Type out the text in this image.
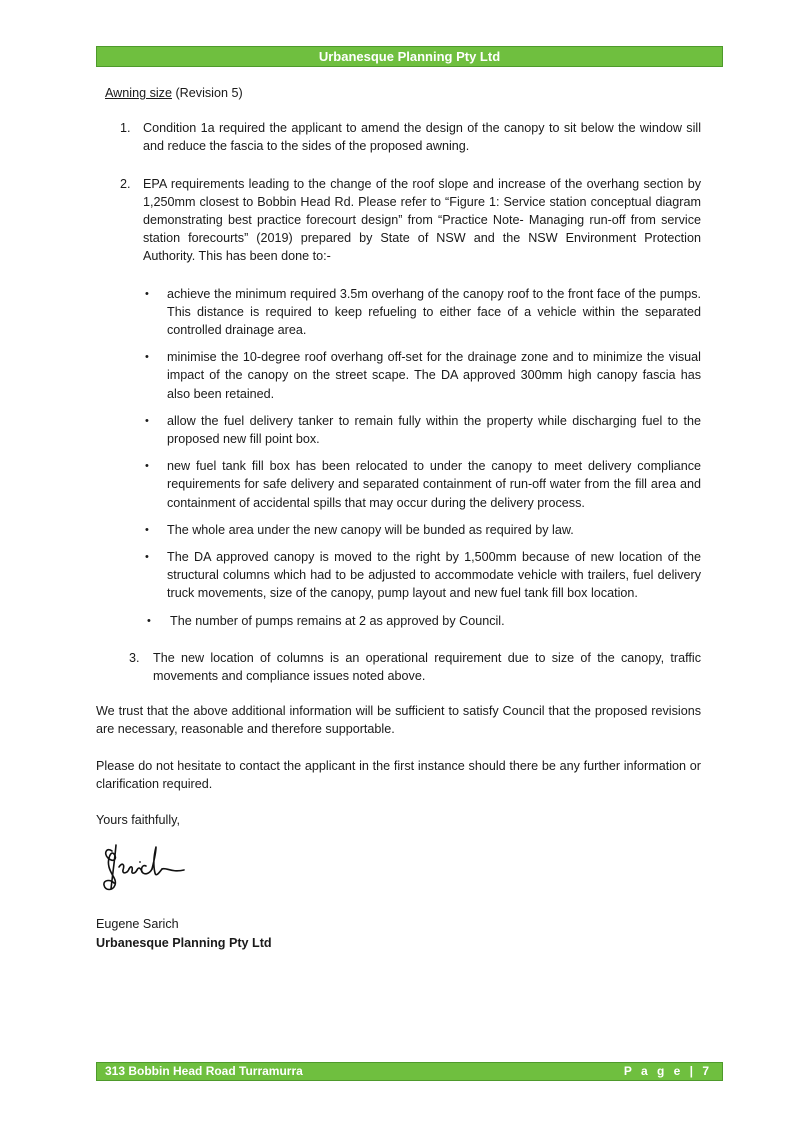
Urbanesque Planning Pty Ltd

Awning size (Revision 5)

1. Condition 1a required the applicant to amend the design of the canopy to sit below the window sill and reduce the fascia to the sides of the proposed awning.
2. EPA requirements leading to the change of the roof slope and increase of the overhang section by 1,250mm closest to Bobbin Head Rd. Please refer to “Figure 1: Service station conceptual diagram demonstrating best practice forecourt design” from “Practice Note- Managing run-off from service station forecourts” (2019) prepared by State of NSW and the NSW Environment Protection Authority. This has been done to:-
• achieve the minimum required 3.5m overhang of the canopy roof to the front face of the pumps. This distance is required to keep refueling to either face of a vehicle within the separated controlled drainage area.
• minimise the 10-degree roof overhang off-set for the drainage zone and to minimize the visual impact of the canopy on the street scape. The DA approved 300mm high canopy fascia has also been retained.
• allow the fuel delivery tanker to remain fully within the property while discharging fuel to the proposed new fill point box.
• new fuel tank fill box has been relocated to under the canopy to meet delivery compliance requirements for safe delivery and separated containment of run-off water from the fill area and containment of accidental spills that may occur during the delivery process.
• The whole area under the new canopy will be bunded as required by law.
• The DA approved canopy is moved to the right by 1,500mm because of new location of the structural columns which had to be adjusted to accommodate vehicle with trailers, fuel delivery truck movements, size of the canopy, pump layout and new fuel tank fill box location.
• The number of pumps remains at 2 as approved by Council.
3. The new location of columns is an operational requirement due to size of the canopy, traffic movements and compliance issues noted above.

We trust that the above additional information will be sufficient to satisfy Council that the proposed revisions are necessary, reasonable and therefore supportable.

Please do not hesitate to contact the applicant in the first instance should there be any further information or clarification required.

Yours faithfully,

Eugene Sarich

Urbanesque Planning Pty Ltd

313 Bobbin Head Road Turramurra	P a g e | 7
